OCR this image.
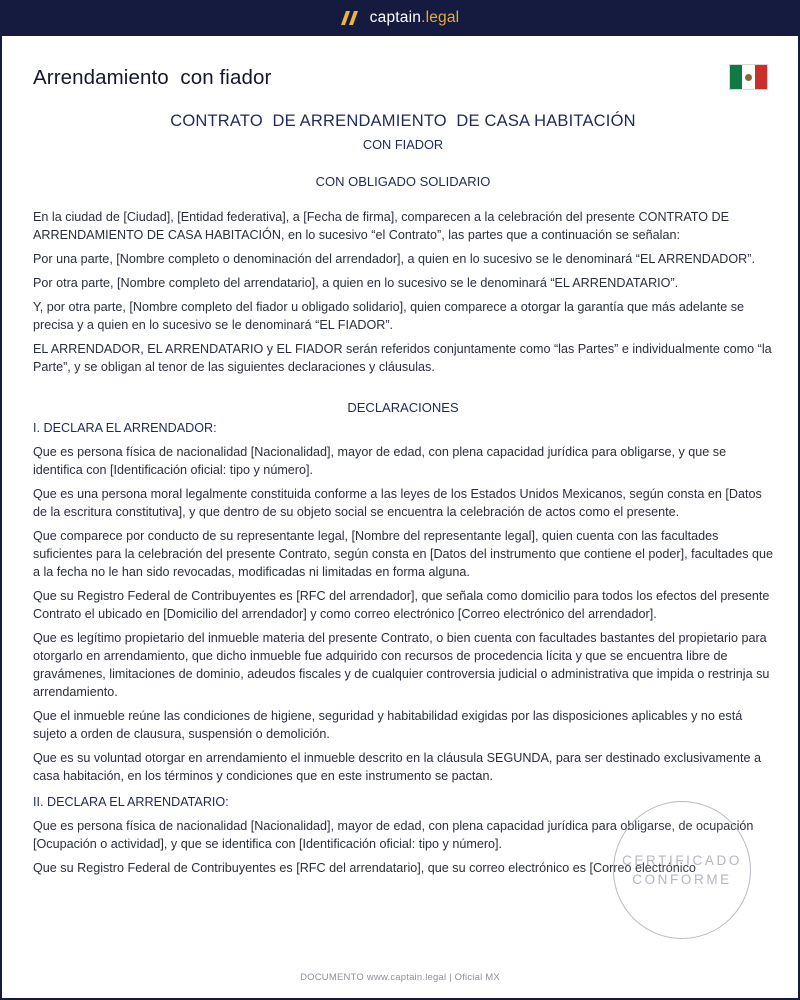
captain.legal
Arrendamiento  con fiador
CONTRATO  DE ARRENDAMIENTO  DE CASA HABITACIÓN
CON FIADOR
CON OBLIGADO SOLIDARIO

En la ciudad de [Ciudad], [Entidad federativa], a [Fecha de firma], comparecen a la celebración del presente CONTRATO DE ARRENDAMIENTO DE CASA HABITACIÓN, en lo sucesivo “el Contrato”, las partes que a continuación se señalan:

Por una parte, [Nombre completo o denominación del arrendador], a quien en lo sucesivo se le denominará “EL ARRENDADOR”.

Por otra parte, [Nombre completo del arrendatario], a quien en lo sucesivo se le denominará “EL ARRENDATARIO”.

Y, por otra parte, [Nombre completo del fiador u obligado solidario], quien comparece a otorgar la garantía que más adelante se precisa y a quien en lo sucesivo se le denominará “EL FIADOR”.

EL ARRENDADOR, EL ARRENDATARIO y EL FIADOR serán referidos conjuntamente como “las Partes” e individualmente como “la Parte”, y se obligan al tenor de las siguientes declaraciones y cláusulas.

DECLARACIONES
I. DECLARA EL ARRENDADOR:

Que es persona física de nacionalidad [Nacionalidad], mayor de edad, con plena capacidad jurídica para obligarse, y que se identifica con [Identificación oficial: tipo y número].

Que es una persona moral legalmente constituida conforme a las leyes de los Estados Unidos Mexicanos, según consta en [Datos de la escritura constitutiva], y que dentro de su objeto social se encuentra la celebración de actos como el presente.

Que comparece por conducto de su representante legal, [Nombre del representante legal], quien cuenta con las facultades suficientes para la celebración del presente Contrato, según consta en [Datos del instrumento que contiene el poder], facultades que a la fecha no le han sido revocadas, modificadas ni limitadas en forma alguna.

Que su Registro Federal de Contribuyentes es [RFC del arrendador], que señala como domicilio para todos los efectos del presente Contrato el ubicado en [Domicilio del arrendador] y como correo electrónico [Correo electrónico del arrendador].

Que es legítimo propietario del inmueble materia del presente Contrato, o bien cuenta con facultades bastantes del propietario para otorgarlo en arrendamiento, que dicho inmueble fue adquirido con recursos de procedencia lícita y que se encuentra libre de gravámenes, limitaciones de dominio, adeudos fiscales y de cualquier controversia judicial o administrativa que impida o restrinja su arrendamiento.

Que el inmueble reúne las condiciones de higiene, seguridad y habitabilidad exigidas por las disposiciones aplicables y no está sujeto a orden de clausura, suspensión o demolición.

Que es su voluntad otorgar en arrendamiento el inmueble descrito en la cláusula SEGUNDA, para ser destinado exclusivamente a casa habitación, en los términos y condiciones que en este instrumento se pactan.

II. DECLARA EL ARRENDATARIO:

Que es persona física de nacionalidad [Nacionalidad], mayor de edad, con plena capacidad jurídica para obligarse, de ocupación [Ocupación o actividad], y que se identifica con [Identificación oficial: tipo y número].

Que su Registro Federal de Contribuyentes es [RFC del arrendatario], que su correo electrónico es [Correo electrónico

CERTIFICADO
CONFORME
DOCUMENTO www.captain.legal | Oficial MX
